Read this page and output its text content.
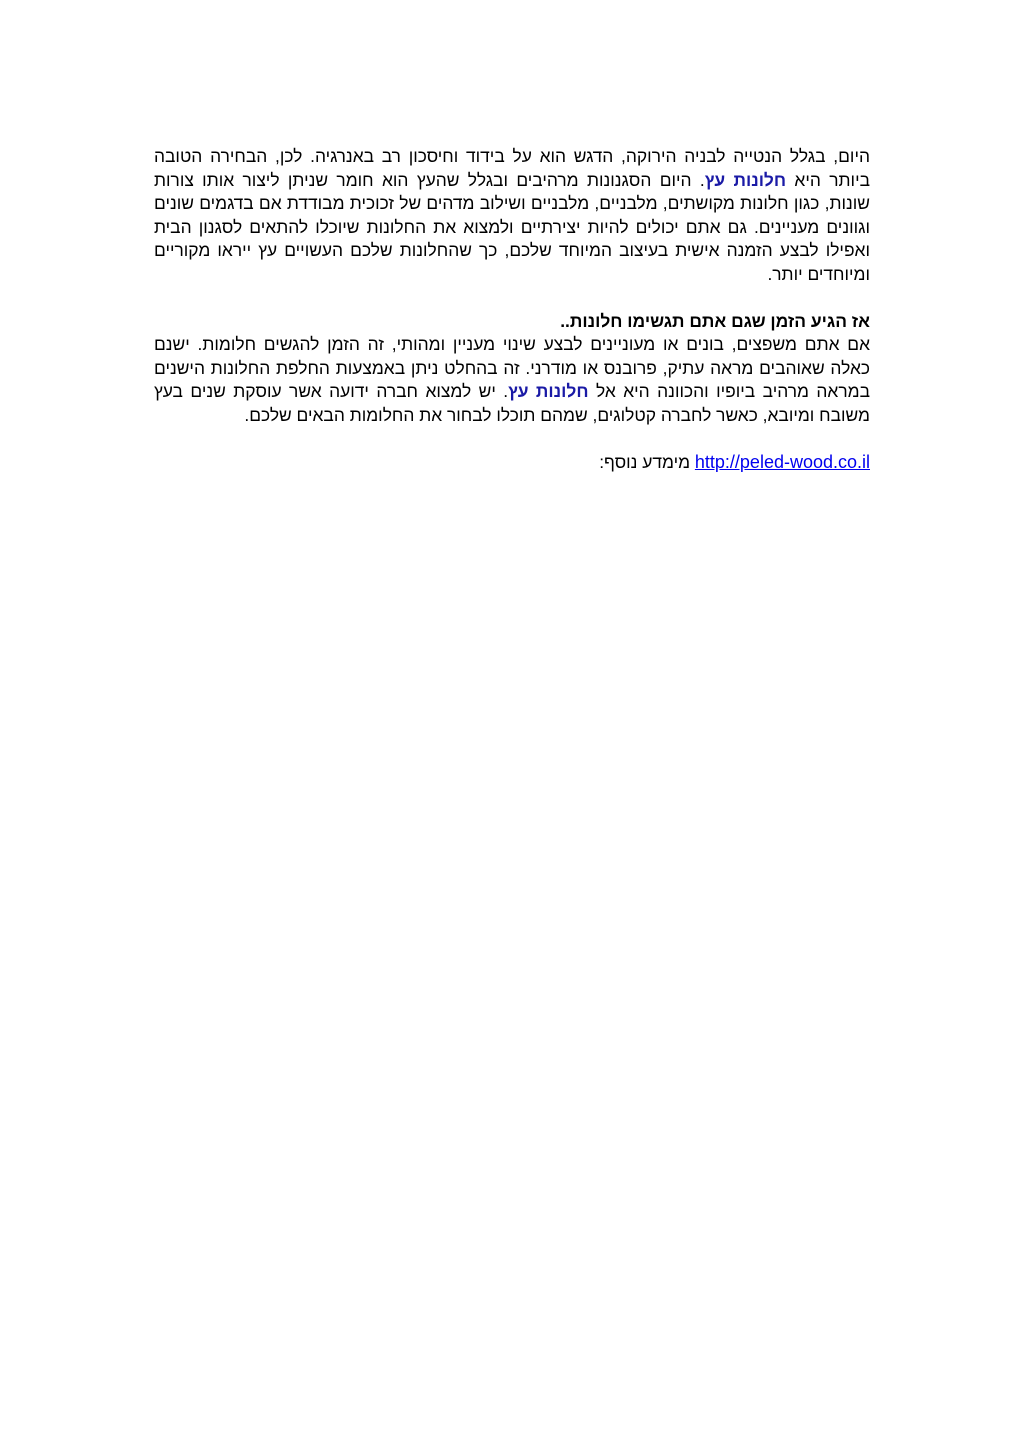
היום, בגלל הנטייה לבניה הירוקה, הדגש הוא על בידוד וחיסכון רב באנרגיה. לכן, הבחירה הטובה ביותר היא חלונות עץ. היום הסגנונות מרהיבים ובגלל שהעץ הוא חומר שניתן ליצור אותו צורות שונות, כגון חלונות מקושתים, מלבניים, מלבניים ושילוב מדהים של זכוכית מבודדת אם בדגמים שונים וגוונים מעניינים. גם אתם יכולים להיות יצירתיים ולמצוא את החלונות שיוכלו להתאים לסגנון הבית ואפילו לבצע הזמנה אישית בעיצוב המיוחד שלכם, כך שהחלונות שלכם העשויים עץ ייראו מקוריים ומיוחדים יותר.

אז הגיע הזמן שגם אתם תגשימו חלונות..

אם אתם משפצים, בונים או מעוניינים לבצע שינוי מעניין ומהותי, זה הזמן להגשים חלומות. ישנם כאלה שאוהבים מראה עתיק, פרובנס או מודרני. זה בהחלט ניתן באמצעות החלפת החלונות הישנים במראה מרהיב ביופיו והכוונה היא אל חלונות עץ. יש למצוא חברה ידועה אשר עוסקת שנים בעץ משובח ומיובא, כאשר לחברה קטלוגים, שמהם תוכלו לבחור את החלומות הבאים שלכם.

http://peled-wood.co.il מימדע נוסף:
